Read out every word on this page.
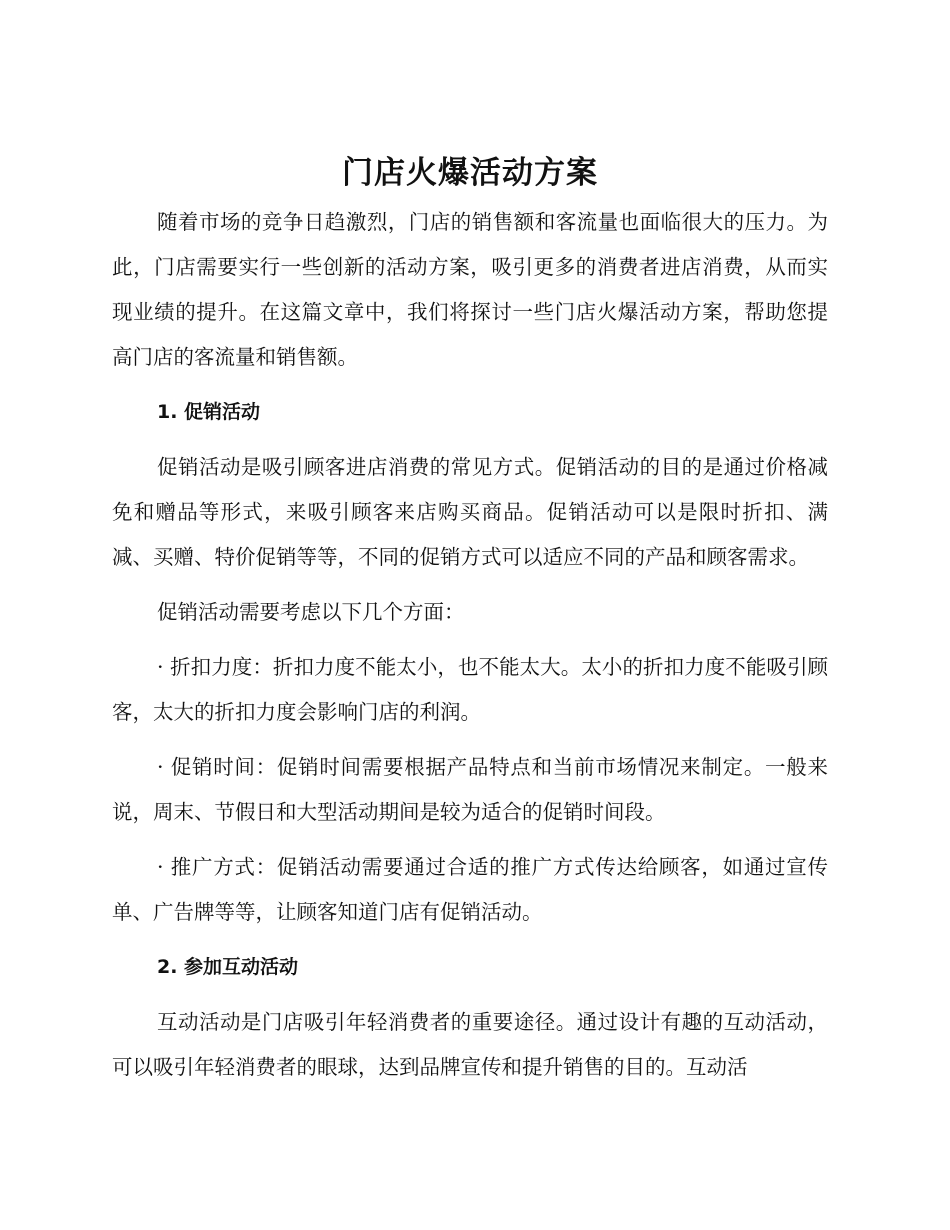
门店火爆活动方案

随着市场的竞争日趋激烈，门店的销售额和客流量也面临很大的压力。为此，门店需要实行一些创新的活动方案，吸引更多的消费者进店消费，从而实现业绩的提升。在这篇文章中，我们将探讨一些门店火爆活动方案，帮助您提高门店的客流量和销售额。

1. 促销活动

促销活动是吸引顾客进店消费的常见方式。促销活动的目的是通过价格减免和赠品等形式，来吸引顾客来店购买商品。促销活动可以是限时折扣、满减、买赠、特价促销等等，不同的促销方式可以适应不同的产品和顾客需求。

促销活动需要考虑以下几个方面：

· 折扣力度：折扣力度不能太小，也不能太大。太小的折扣力度不能吸引顾客，太大的折扣力度会影响门店的利润。

· 促销时间：促销时间需要根据产品特点和当前市场情况来制定。一般来说，周末、节假日和大型活动期间是较为适合的促销时间段。

· 推广方式：促销活动需要通过合适的推广方式传达给顾客，如通过宣传单、广告牌等等，让顾客知道门店有促销活动。

2. 参加互动活动

互动活动是门店吸引年轻消费者的重要途径。通过设计有趣的互动活动，可以吸引年轻消费者的眼球，达到品牌宣传和提升销售的目的。互动活
